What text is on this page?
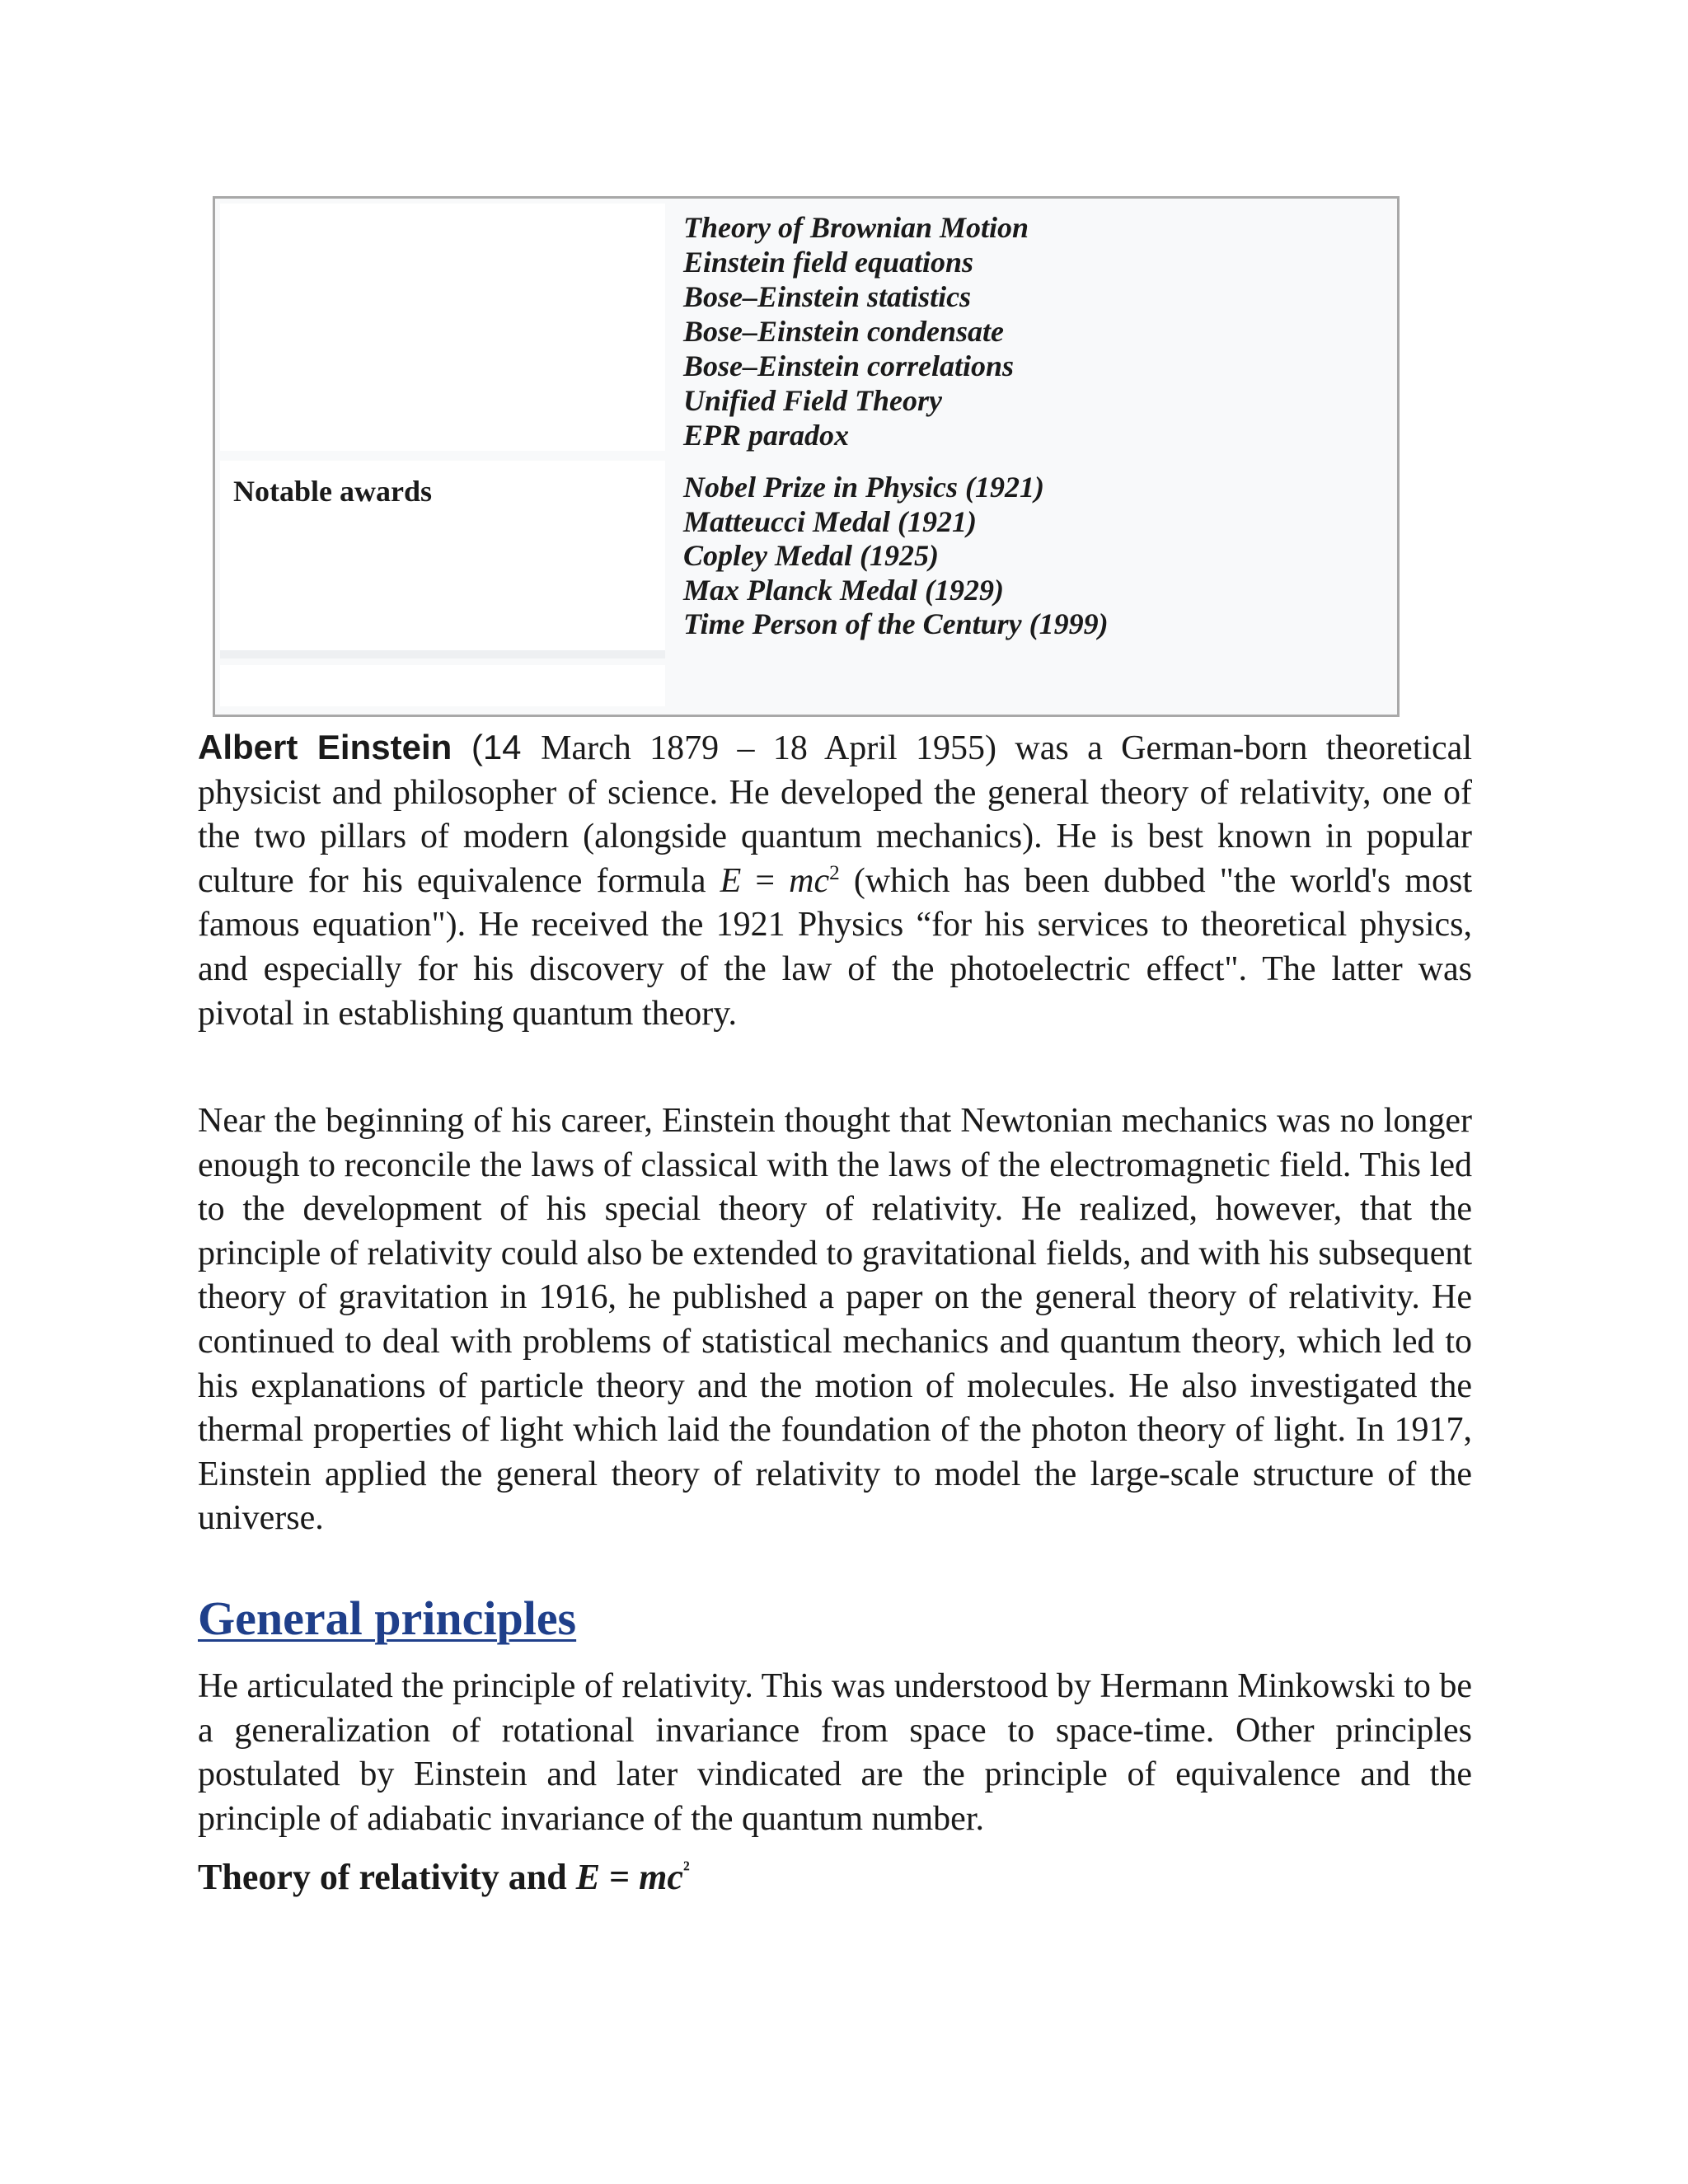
Theory of Brownian Motion
Einstein field equations
Bose–Einstein statistics
Bose–Einstein condensate
Bose–Einstein correlations
Unified Field Theory
EPR paradox
Notable awards	Nobel Prize in Physics (1921)
Matteucci Medal (1921)
Copley Medal (1925)
Max Planck Medal (1929)
Time Person of the Century (1999)

Albert Einstein (14 March 1879 – 18 April 1955) was a German-born theoretical physicist and philosopher of science. He developed the general theory of relativity, one of the two pillars of modern (alongside quantum mechanics). He is best known in popular culture for his equivalence formula $E = mc^2$ (which has been dubbed "the world's most famous equation"). He received the 1921 Physics “for his services to theoretical physics, and especially for his discovery of the law of the photoelectric effect". The latter was pivotal in establishing quantum theory.

Near the beginning of his career, Einstein thought that Newtonian mechanics was no longer enough to reconcile the laws of classical with the laws of the electromagnetic field. This led to the development of his special theory of relativity. He realized, however, that the principle of relativity could also be extended to gravitational fields, and with his subsequent theory of gravitation in 1916, he published a paper on the general theory of relativity. He continued to deal with problems of statistical mechanics and quantum theory, which led to his explanations of particle theory and the motion of molecules. He also investigated the thermal properties of light which laid the foundation of the photon theory of light. In 1917, Einstein applied the general theory of relativity to model the large-scale structure of the universe.

General principles

He articulated the principle of relativity. This was understood by Hermann Minkowski to be a generalization of rotational invariance from space to space-time. Other principles postulated by Einstein and later vindicated are the principle of equivalence and the principle of adiabatic invariance of the quantum number.

Theory of relativity and $E = mc^{^2}$
